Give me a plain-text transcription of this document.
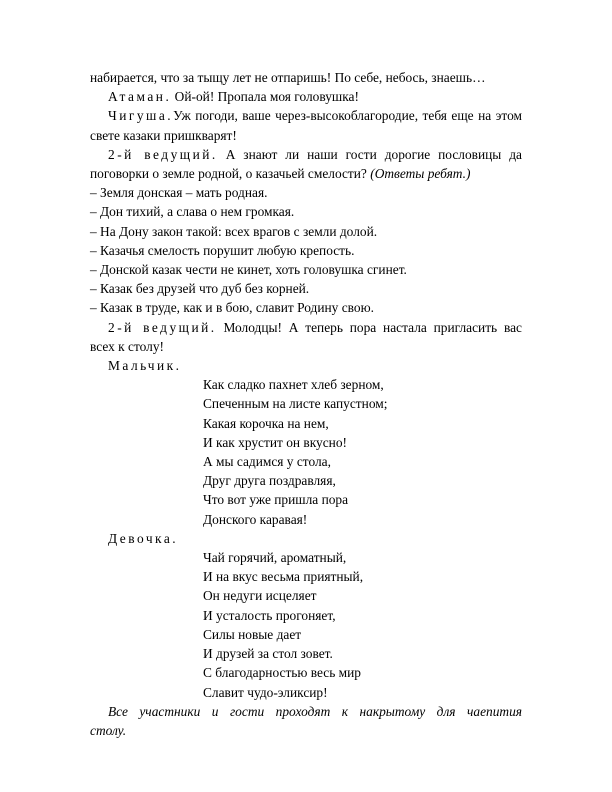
набирается, что за тыщу лет не отпаришь! По себе, небось, знаешь…

Атаман. Ой-ой! Пропала моя головушка!

Чигуша.Уж погоди, ваше через-высокоблагородие, тебя еще на этом свете казаки пришкварят!

2-й ведущий. А знают ли наши гости дорогие пословицы да поговорки о земле родной, о казачьей смелости? (Ответы ребят.)

– Земля донская – мать родная.

– Дон тихий, а слава о нем громкая.

– На Дону закон такой: всех врагов с земли долой.

– Казачья смелость порушит любую крепость.

– Донской казак чести не кинет, хоть головушка сгинет.

– Казак без друзей что дуб без корней.

– Казак в труде, как и в бою, славит Родину свою.

2-й ведущий. Молодцы! А теперь пора настала пригласить вас всех к столу!

Мальчик.

Как сладко пахнет хлеб зерном,
Спеченным на листе капустном;
Какая корочка на нем,
И как хрустит он вкусно!
А мы садимся у стола,
Друг друга поздравляя,
Что вот уже пришла пора
Донского каравая!

Девочка.

Чай горячий, ароматный,
И на вкус весьма приятный,
Он недуги исцеляет
И усталость прогоняет,
Силы новые дает
И друзей за стол зовет.
С благодарностью весь мир
Славит чудо-эликсир!

Все участники и гости проходят к накрытому для чаепития столу.
